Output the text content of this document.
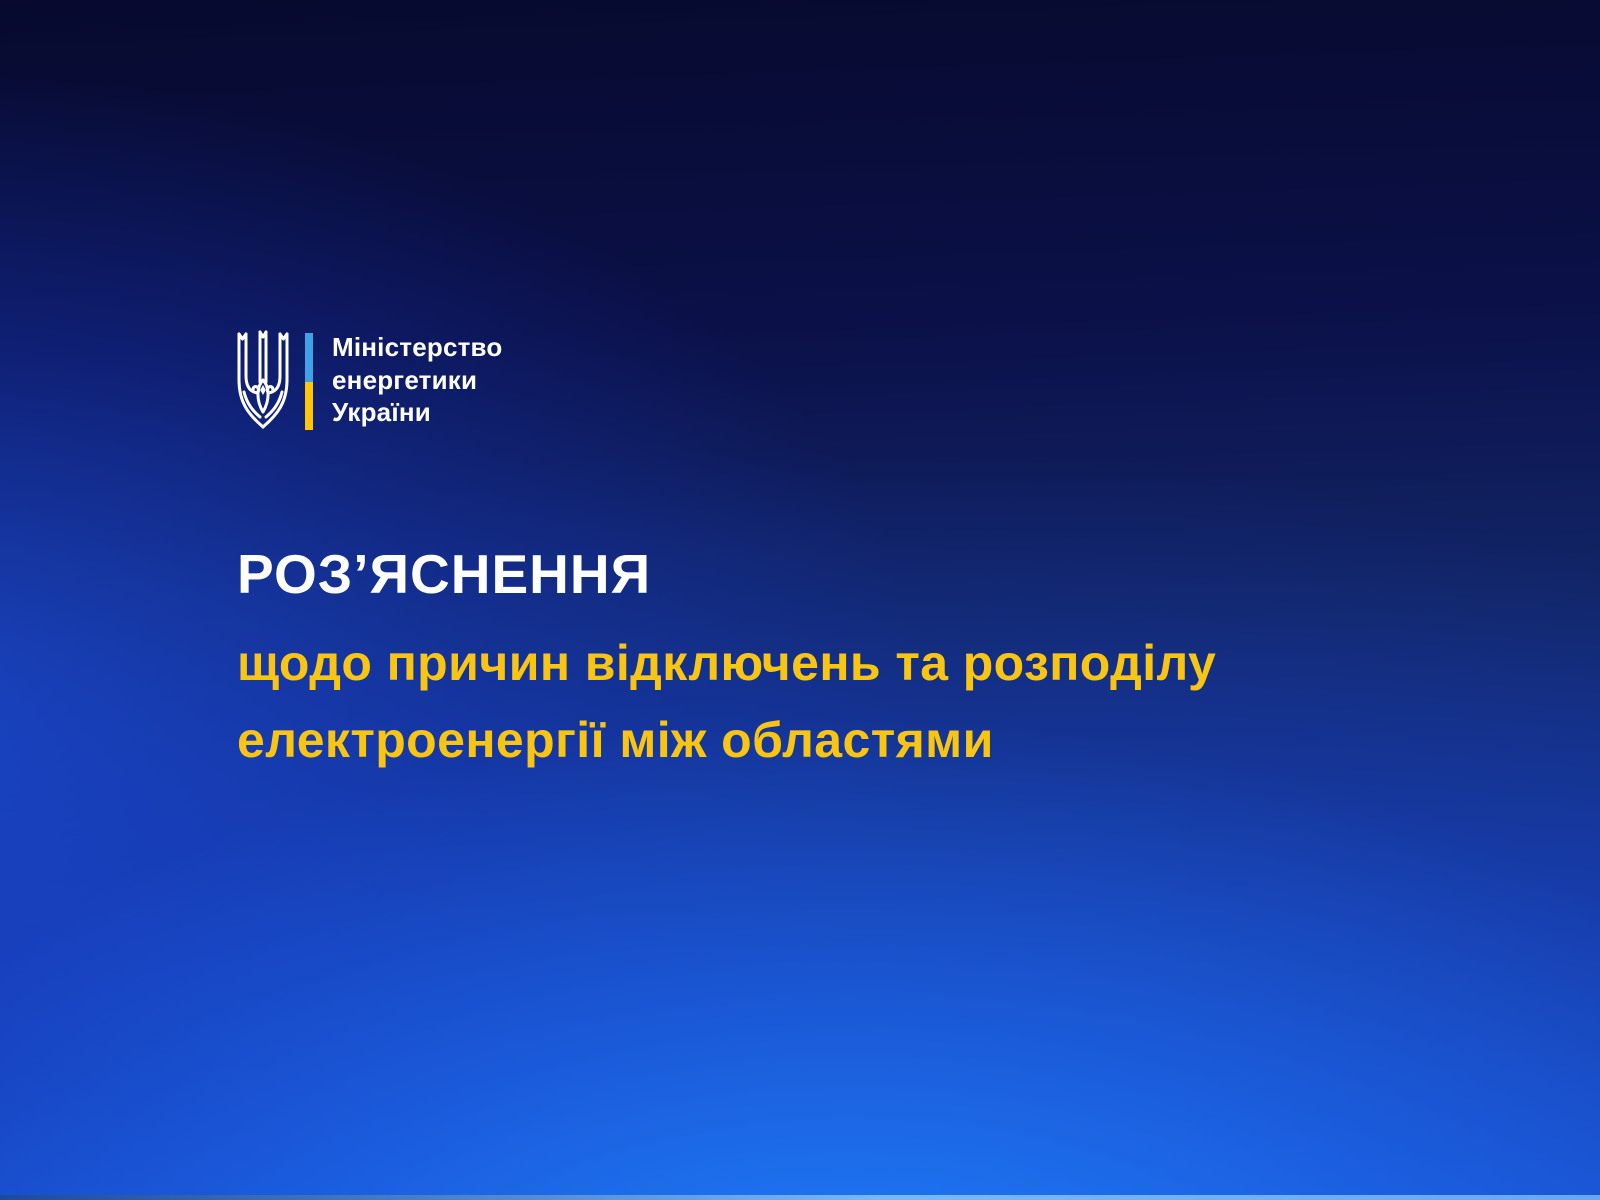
Міністерство
енергетики
України
РОЗ’ЯСНЕННЯ
щодо причин відключень та розподілу
електроенергії між областями
